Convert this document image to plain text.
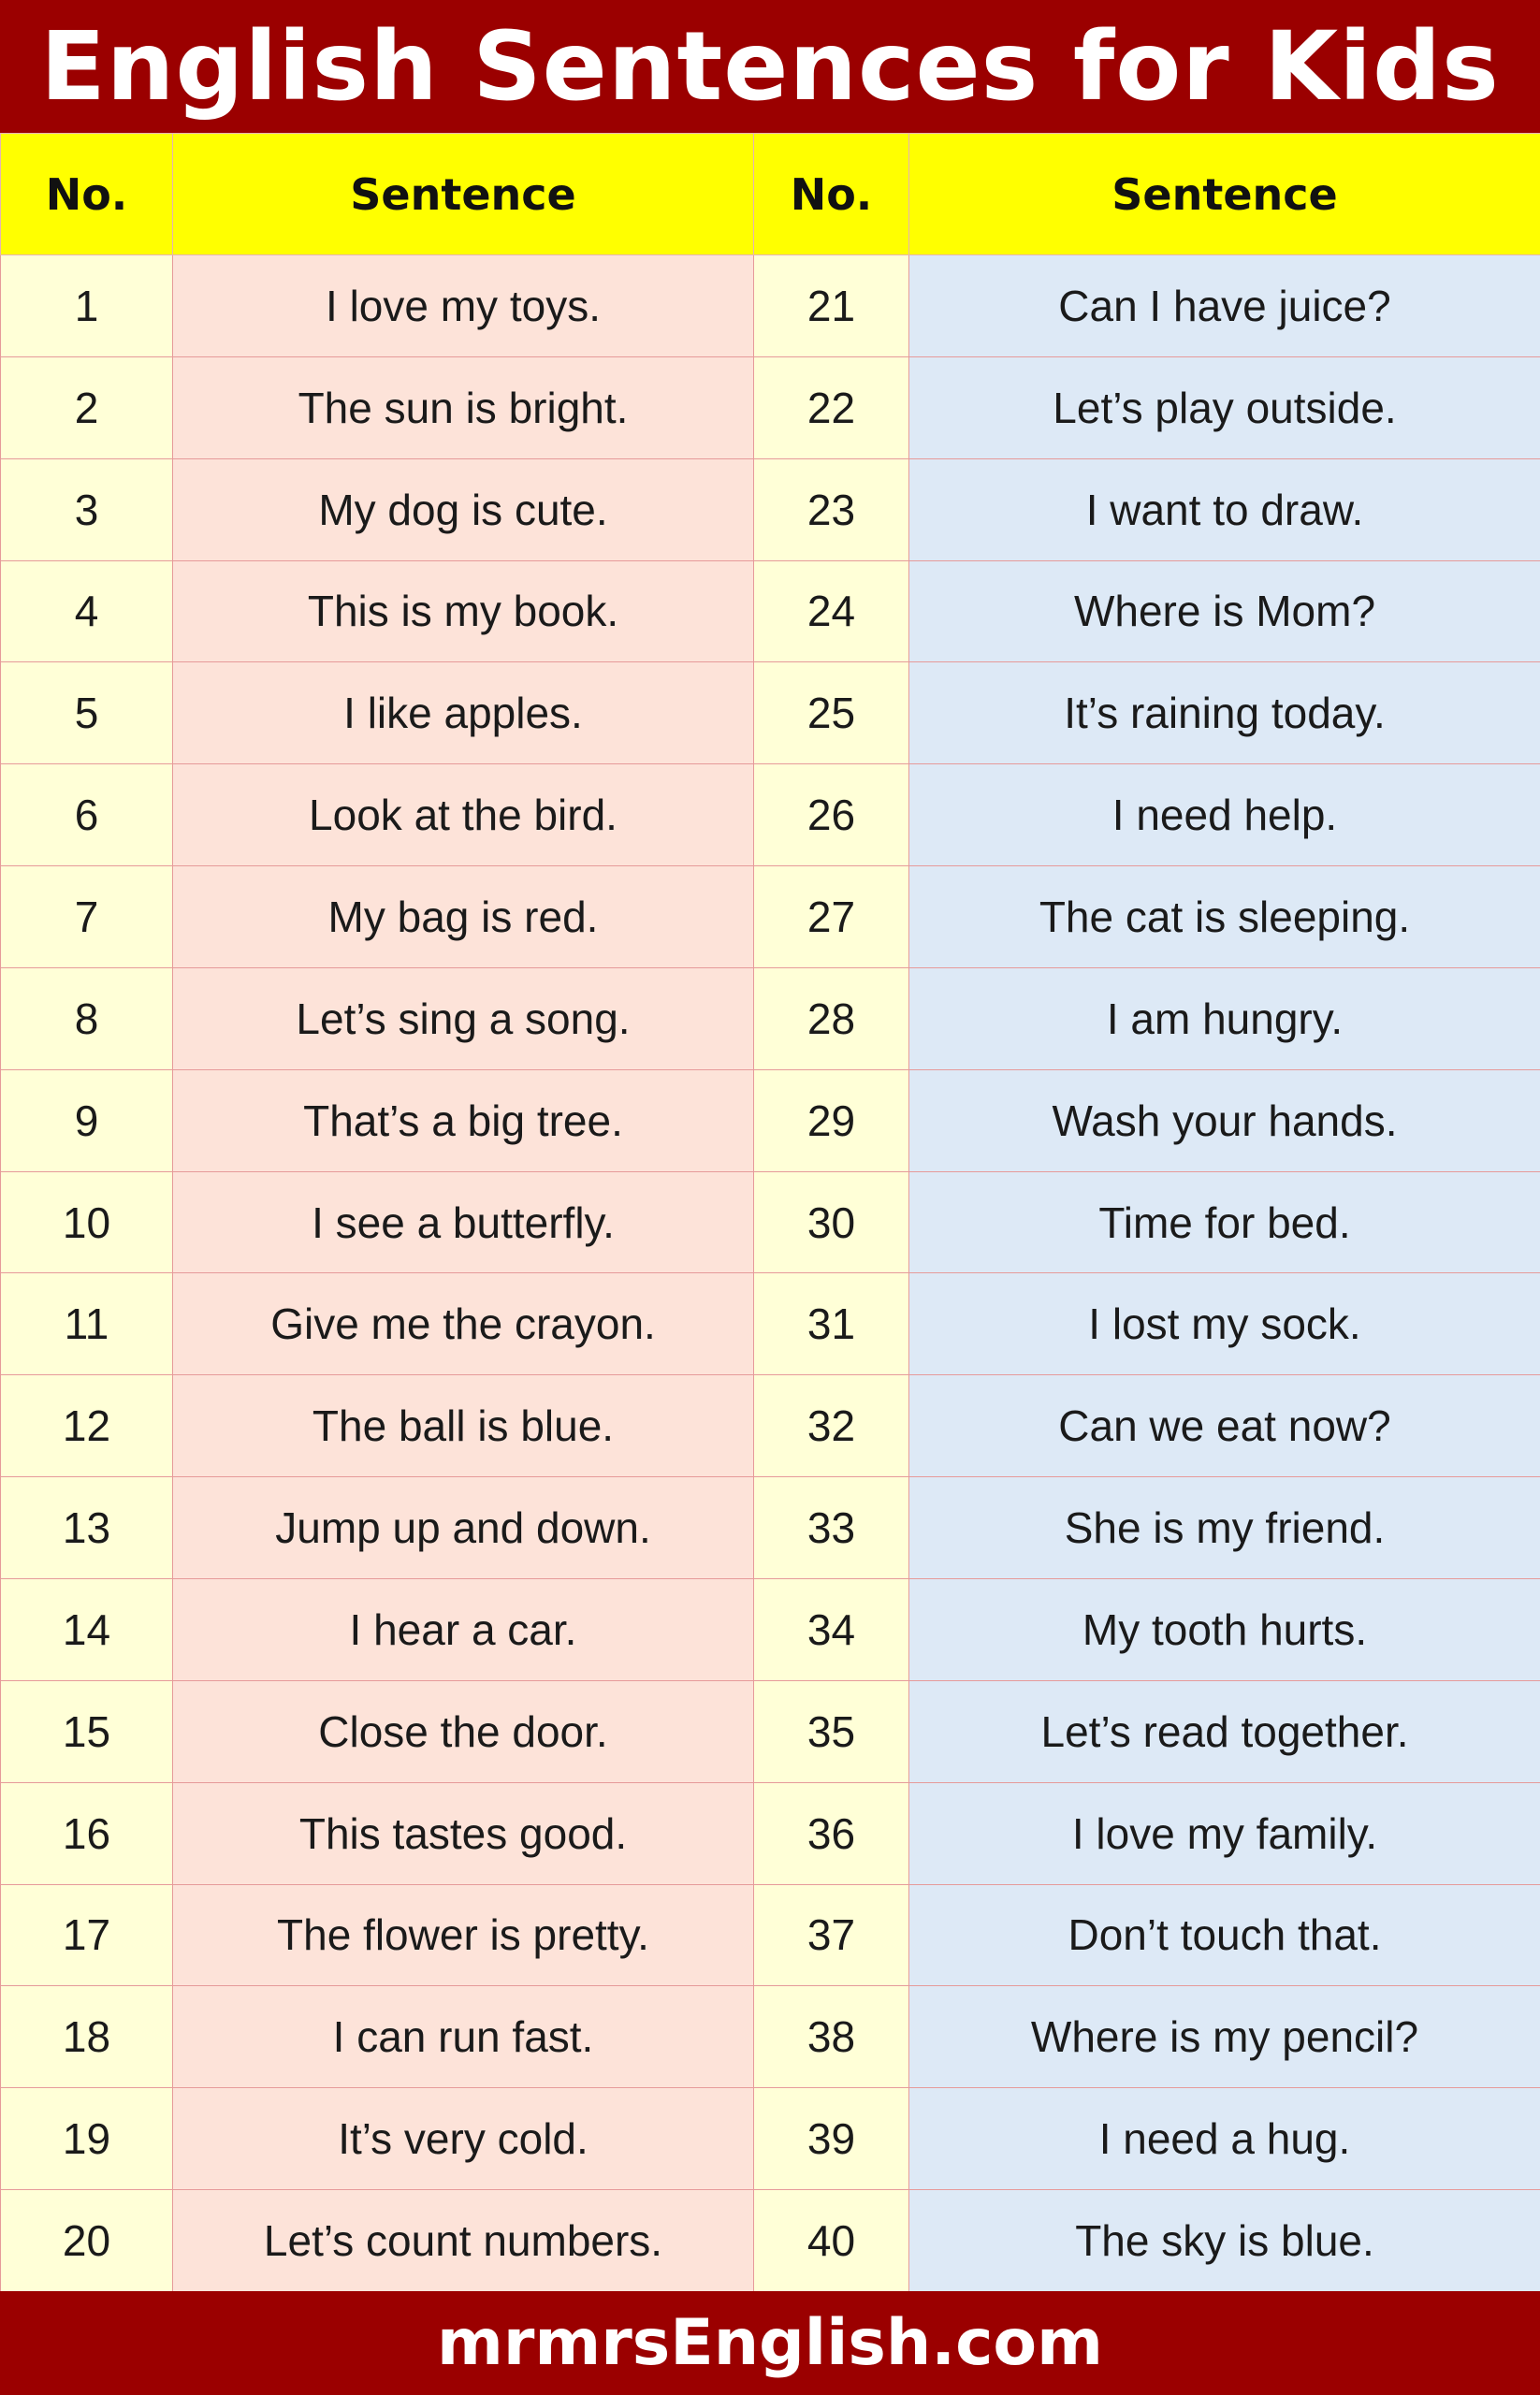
English Sentences for Kids
No.	Sentence	No.	Sentence
1	I love my toys.	21	Can I have juice?
2	The sun is bright.	22	Let’s play outside.
3	My dog is cute.	23	I want to draw.
4	This is my book.	24	Where is Mom?
5	I like apples.	25	It’s raining today.
6	Look at the bird.	26	I need help.
7	My bag is red.	27	The cat is sleeping.
8	Let’s sing a song.	28	I am hungry.
9	That’s a big tree.	29	Wash your hands.
10	I see a butterfly.	30	Time for bed.
11	Give me the crayon.	31	I lost my sock.
12	The ball is blue.	32	Can we eat now?
13	Jump up and down.	33	She is my friend.
14	I hear a car.	34	My tooth hurts.
15	Close the door.	35	Let’s read together.
16	This tastes good.	36	I love my family.
17	The flower is pretty.	37	Don’t touch that.
18	I can run fast.	38	Where is my pencil?
19	It’s very cold.	39	I need a hug.
20	Let’s count numbers.	40	The sky is blue.
mrmrsEnglish.com
